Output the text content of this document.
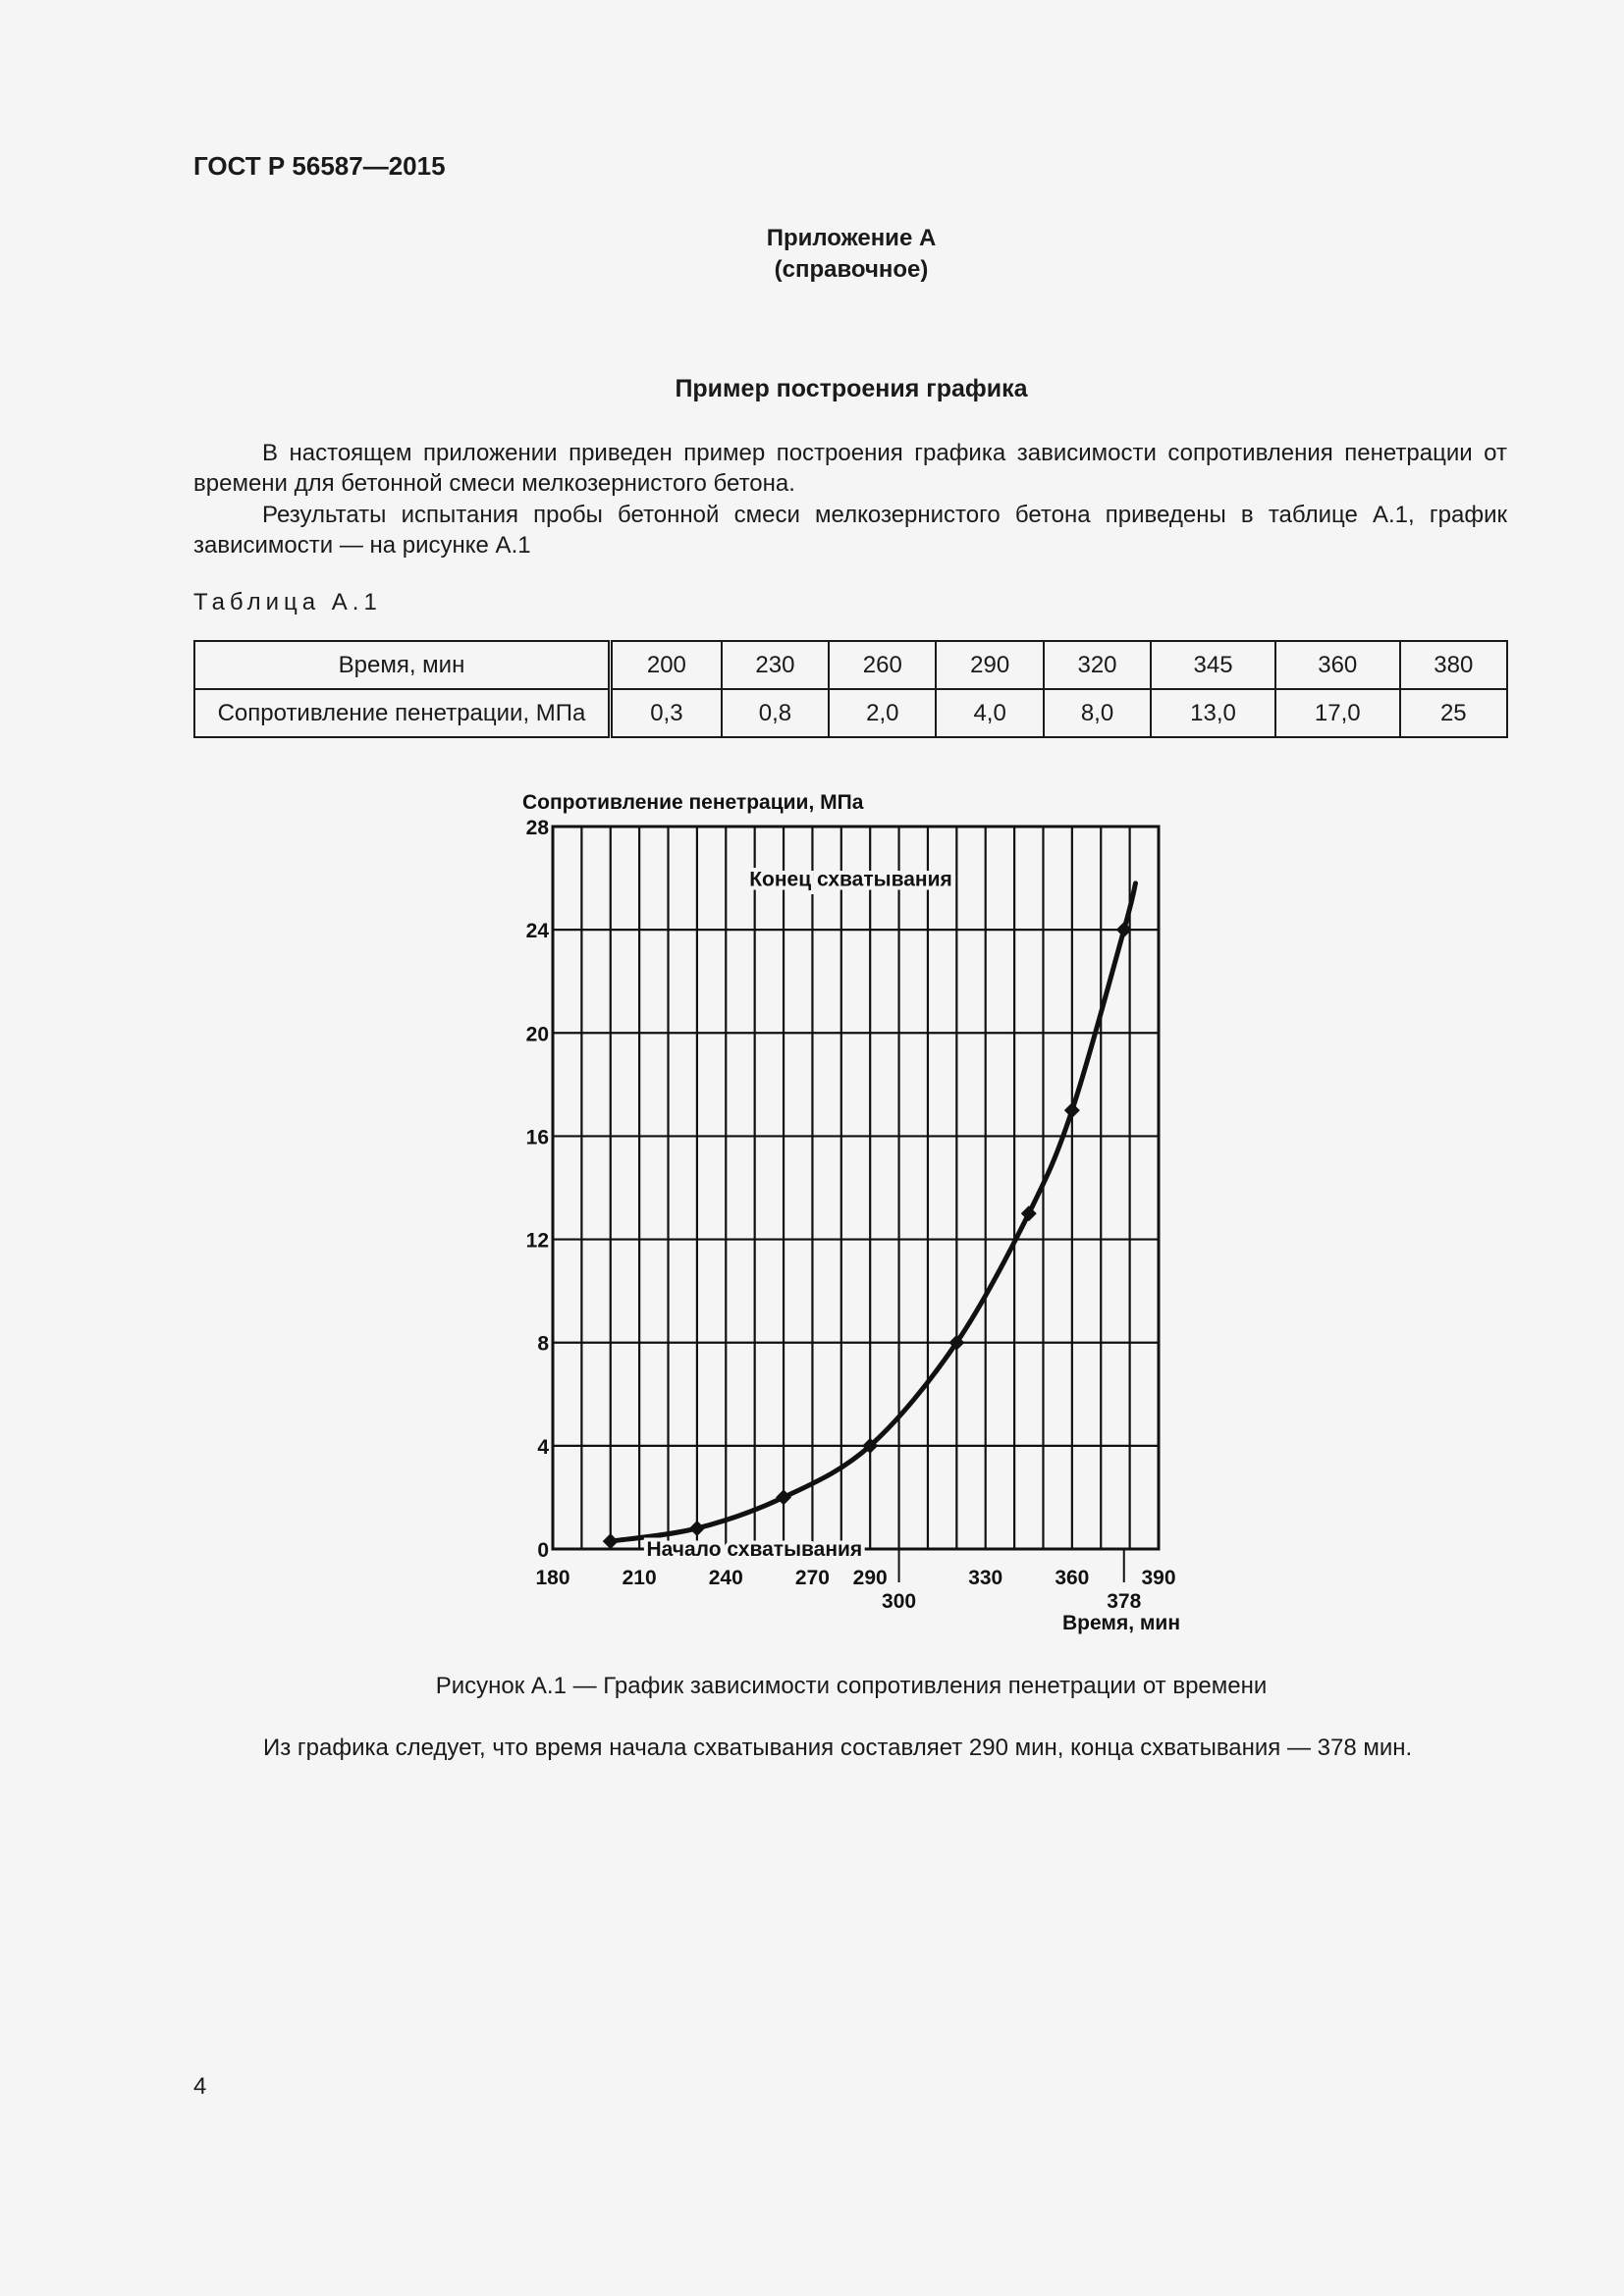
ГОСТ Р 56587—2015
Приложение А
(справочное)
Пример построения графика
В настоящем приложении приведен пример построения графика зависимости сопротивления пенетрации от времени для бетонной смеси мелкозернистого бетона.
Результаты испытания пробы бетонной смеси мелкозернистого бетона приведены в таблице А.1, график зависимости — на рисунке А.1
Таблица А.1
Время, мин	200	230	260	290	320	345	360	380
Сопротивление пенетрации, МПа	0,3	0,8	2,0	4,0	8,0	13,0	17,0	25
Сопротивление пенетрации, МПа
Время, мин
0
4
8
12
16
20
24
28
180	210	240	270 290
300
330	360
378
390
Конец схватывания
Начало схватывания
Рисунок А.1 — График зависимости сопротивления пенетрации от времени
Из графика следует, что время начала схватывания составляет 290 мин, конца схватывания — 378 мин.
4
